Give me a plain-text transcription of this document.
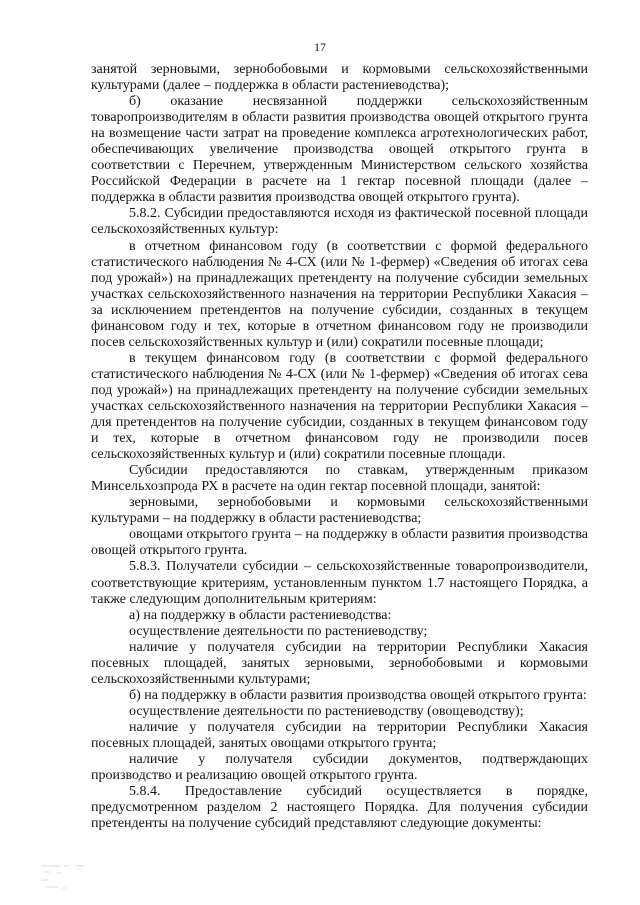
17

занятой зерновыми, зернобобовыми и кормовыми сельскохозяйственными культурами (далее – поддержка в области растениеводства);

б) оказание несвязанной поддержки сельскохозяйственным товаропроизводителям в области развития производства овощей открытого грунта на возмещение части затрат на проведение комплекса агротехнологических работ, обеспечивающих увеличение производства овощей открытого грунта в соответствии с Перечнем, утвержденным Министерством сельского хозяйства Российской Федерации в расчете на 1 гектар посевной площади (далее – поддержка в области развития производства овощей открытого грунта).

5.8.2. Субсидии предоставляются исходя из фактической посевной площади сельскохозяйственных культур:

в отчетном финансовом году (в соответствии с формой федерального статистического наблюдения № 4-СХ (или № 1-фермер) «Сведения об итогах сева под урожай») на принадлежащих претенденту на получение субсидии земельных участках сельскохозяйственного назначения на территории Республики Хакасия – за исключением претендентов на получение субсидии, созданных в текущем финансовом году и тех, которые в отчетном финансовом году не производили посев сельскохозяйственных культур и (или) сократили посевные площади;

в текущем финансовом году (в соответствии с формой федерального статистического наблюдения № 4-СХ (или № 1-фермер) «Сведения об итогах сева под урожай») на принадлежащих претенденту на получение субсидии земельных участках сельскохозяйственного назначения на территории Республики Хакасия – для претендентов на получение субсидии, созданных в текущем финансовом году и тех, которые в отчетном финансовом году не производили посев сельскохозяйственных культур и (или) сократили посевные площади.

Субсидии предоставляются по ставкам, утвержденным приказом Минсельхозпрода РХ в расчете на один гектар посевной площади, занятой:

зерновыми, зернобобовыми и кормовыми сельскохозяйственными культурами – на поддержку в области растениеводства;

овощами открытого грунта – на поддержку в области развития производства овощей открытого грунта.

5.8.3. Получатели субсидии – сельскохозяйственные товаропроизводители, соответствующие критериям, установленным пунктом 1.7 настоящего Порядка, а также следующим дополнительным критериям:

а) на поддержку в области растениеводства:

осуществление деятельности по растениеводству;

наличие у получателя субсидии на территории Республики Хакасия посевных площадей, занятых зерновыми, зернобобовыми и кормовыми сельскохозяйственными культурами;

б) на поддержку в области развития производства овощей открытого грунта:

осуществление деятельности по растениеводству (овощеводству);

наличие у получателя субсидии на территории Республики Хакасия посевных площадей, занятых овощами открытого грунта;

наличие у получателя субсидии документов, подтверждающих производство и реализацию овощей открытого грунта.

5.8.4. Предоставление субсидий осуществляется в порядке, предусмотренном разделом 2 настоящего Порядка. Для получения субсидии претенденты на получение субсидий представляют следующие документы:
